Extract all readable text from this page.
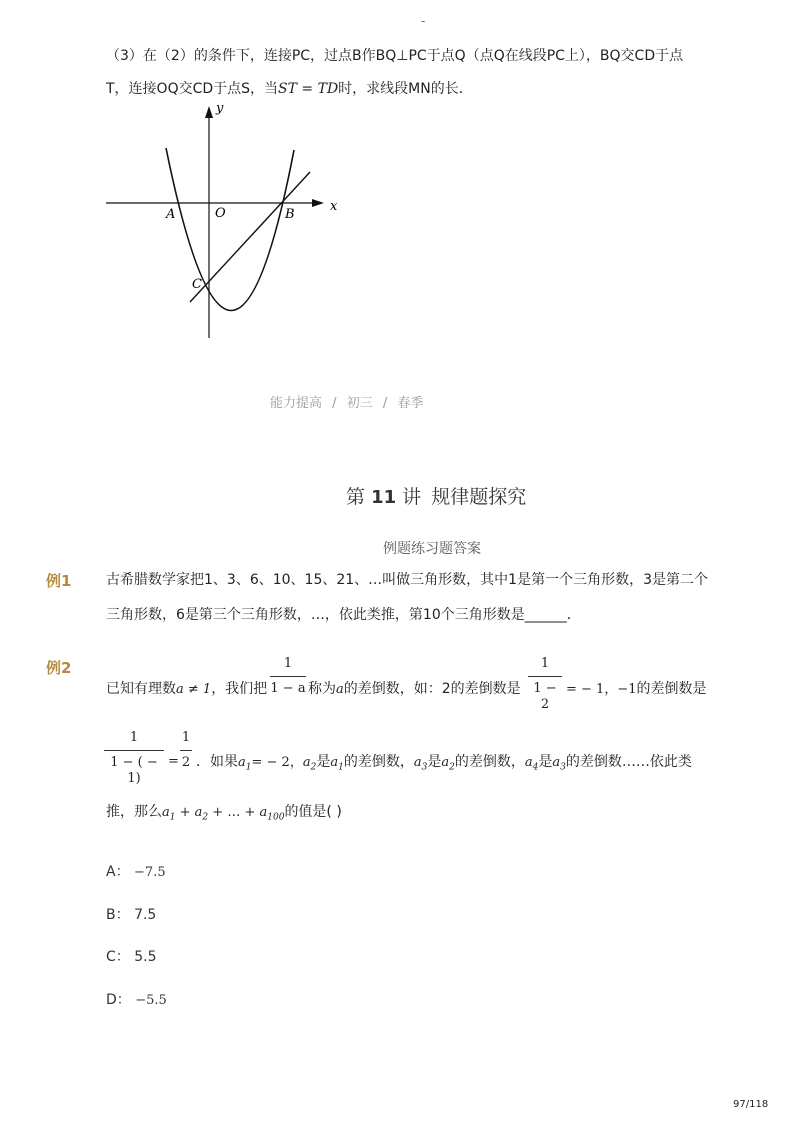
-
（3）在（2）的条件下，连接PC，过点B作BQ⊥PC于点Q（点Q在线段PC上），BQ交CD于点
T，连接OQ交CD于点S，当ST = TD时，求线段MN的长．
x
y
A	O	B
C
能力提高 / 初三 / 春季
第 11 讲 规律题探究
例题练习题答案
例1 古希腊数学家把1、3、6、10、15、21、…叫做三角形数，其中1是第一个三角形数，3是第二个
三角形数，6是第三个三角形数，…，依此类推，第10个三角形数是______．
例2
已知有理数a ≠ 1，我们把
1
1 − a 称为a的差倒数，如：2的差倒数是
1
1 − 2
= − 1，−1的差倒数是
1
1 − ( − 1)
=
1
2 ．如果$a_1= - 2$，$a_2$是$a_1$的差倒数，$a_3$是$a_2$的差倒数，$a_4$是$a_3$的差倒数……依此类
推，那么$a_1 + a_2$ + … + $a_{100}$的值是( )
A： −7.5
B： 7.5
C： 5.5
D： −5.5
97/118
